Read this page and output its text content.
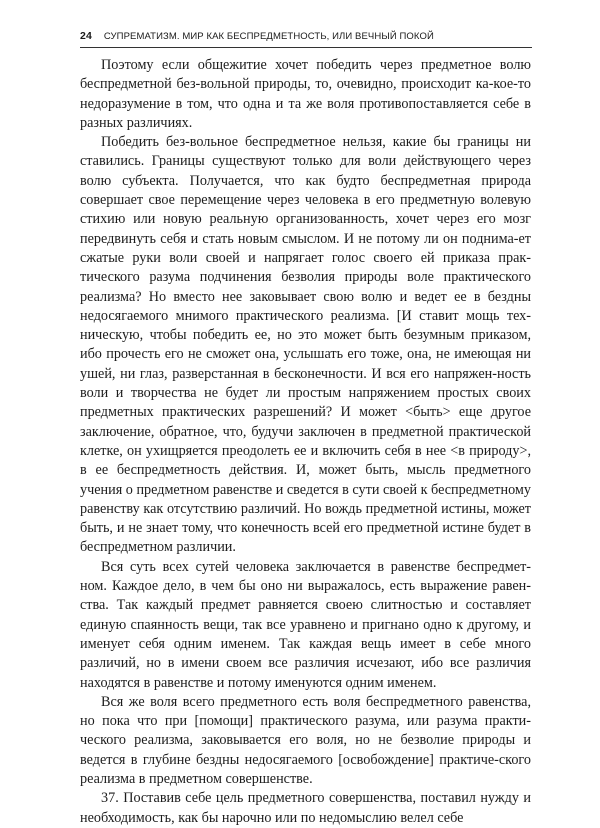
24 СУПРЕМАТИЗМ. МИР КАК БЕСПРЕДМЕТНОСТЬ, ИЛИ ВЕЧНЫЙ ПОКОЙ

Поэтому если общежитие хочет победить через предметное волю беспредметной без-вольной природы, то, очевидно, происходит ка-кое-то недоразумение в том, что одна и та же воля противопоставляется себе в разных различиях.

Победить без-вольное беспредметное нельзя, какие бы границы ни ставились. Границы существуют только для воли действующего через волю субъекта. Получается, что как будто беспредметная природа совершает свое перемещение через человека в его предметную волевую стихию или новую реальную организованность, хочет через его мозг передвинуть себя и стать новым смыслом. И не потому ли он поднима-ет сжатые руки воли своей и напрягает голос своего ей приказа прак-тического разума подчинения безволия природы воле практического реализма? Но вместо нее заковывает свою волю и ведет ее в бездны недосягаемого мнимого практического реализма. [И ставит мощь тех-ническую, чтобы победить ее, но это может быть безумным приказом, ибо прочесть его не сможет она, услышать его тоже, она, не имеющая ни ушей, ни глаз, разверстанная в бесконечности. И вся его напряжен-ность воли и творчества не будет ли простым напряжением простых своих предметных практических разрешений? И может <быть> еще другое заключение, обратное, что, будучи заключен в предметной практической клетке, он ухищряется преодолеть ее и включить себя в нее <в природу>, в ее беспредметность действия. И, может быть, мысль предметного учения о предметном равенстве и сведется в сути своей к беспредметному равенству как отсутствию различий. Но вождь предметной истины, может быть, и не знает тому, что конечность всей его предметной истине будет в беспредметном различии.

Вся суть всех сутей человека заключается в равенстве беспредмет-ном. Каждое дело, в чем бы оно ни выражалось, есть выражение равен-ства. Так каждый предмет равняется своею слитностью и составляет единую спаянность вещи, так все уравнено и пригнано одно к другому, и именует себя одним именем. Так каждая вещь имеет в себе много различий, но в имени своем все различия исчезают, ибо все различия находятся в равенстве и потому именуются одним именем.

Вся же воля всего предметного есть воля беспредметного равенства, но пока что при [помощи] практического разума, или разума практи-ческого реализма, заковывается его воля, но не безволие природы и ведется в глубине бездны недосягаемого [освобождение] практиче-ского реализма в предметном совершенстве.

37. Поставив себе цель предметного совершенства, поставил нужду и необходимость, как бы нарочно или по недомыслию велел себе
